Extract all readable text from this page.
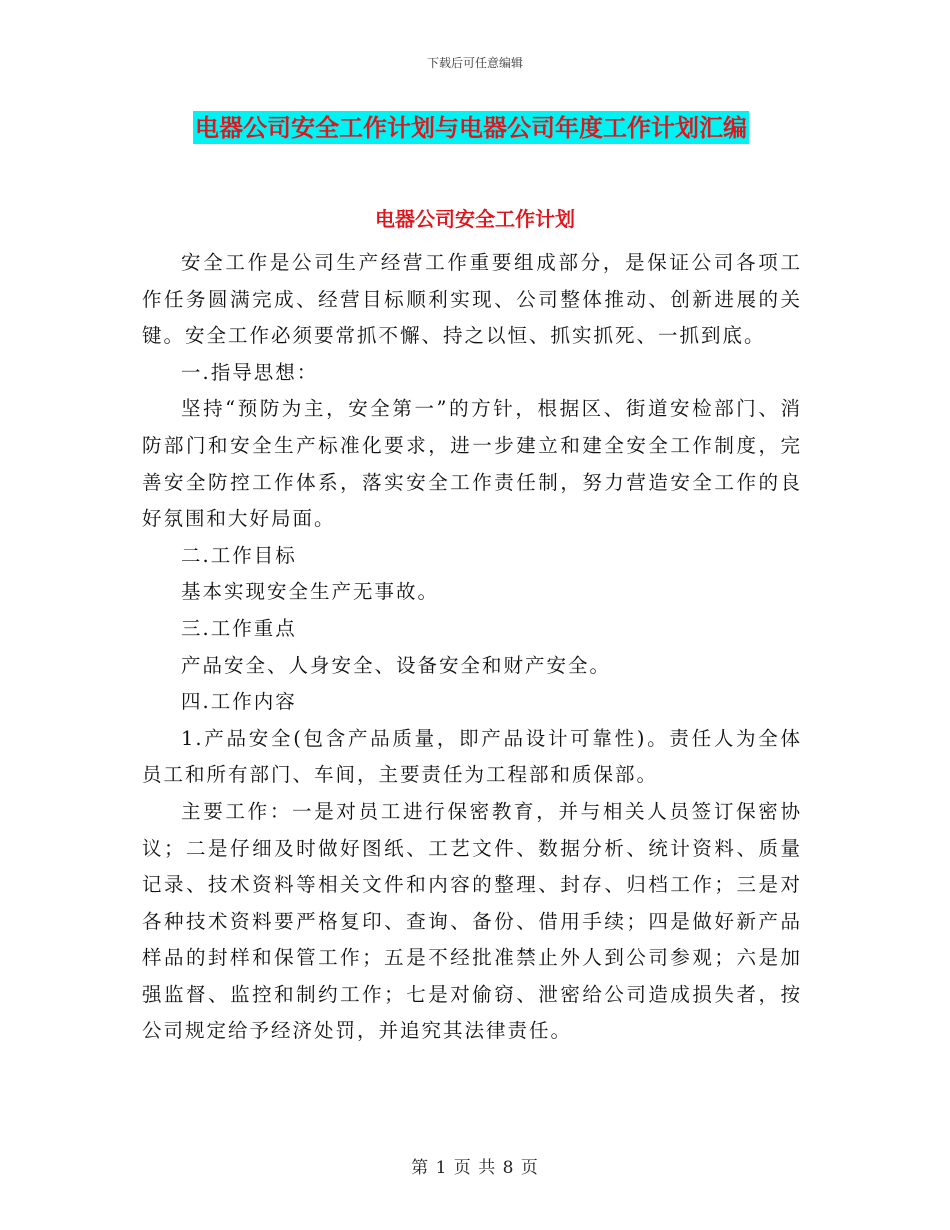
下载后可任意编辑
电器公司安全工作计划与电器公司年度工作计划汇编
电器公司安全工作计划

安全工作是公司生产经营工作重要组成部分，是保证公司各项工作任务圆满完成、经营目标顺利实现、公司整体推动、创新进展的关键。安全工作必须要常抓不懈、持之以恒、抓实抓死、一抓到底。

一.指导思想：

坚持“预防为主，安全第一”的方针，根据区、街道安检部门、消防部门和安全生产标准化要求，进一步建立和建全安全工作制度，完善安全防控工作体系，落实安全工作责任制，努力营造安全工作的良好氛围和大好局面。

二.工作目标

基本实现安全生产无事故。

三.工作重点

产品安全、人身安全、设备安全和财产安全。

四.工作内容

1.产品安全(包含产品质量，即产品设计可靠性)。责任人为全体员工和所有部门、车间，主要责任为工程部和质保部。

主要工作：一是对员工进行保密教育，并与相关人员签订保密协议；二是仔细及时做好图纸、工艺文件、数据分析、统计资料、质量记录、技术资料等相关文件和内容的整理、封存、归档工作；三是对各种技术资料要严格复印、查询、备份、借用手续；四是做好新产品样品的封样和保管工作；五是不经批准禁止外人到公司参观；六是加强监督、监控和制约工作；七是对偷窃、泄密给公司造成损失者，按公司规定给予经济处罚，并追究其法律责任。

第 1 页 共 8 页
